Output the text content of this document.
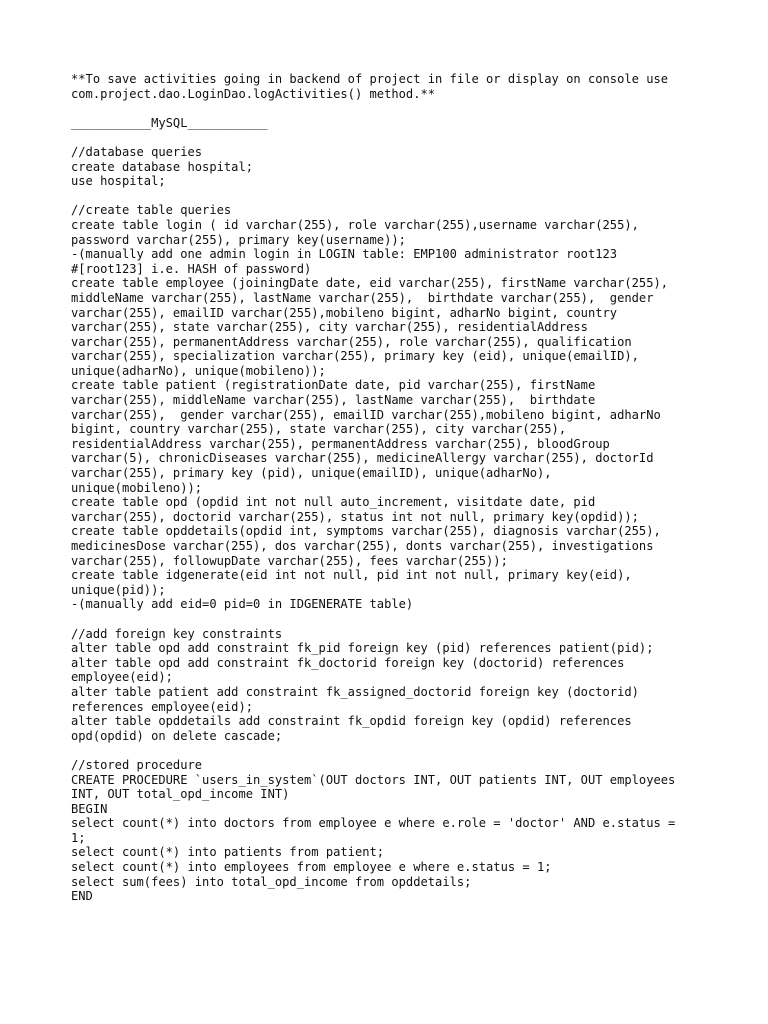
**To save activities going in backend of project in file or display on console use
com.project.dao.LoginDao.logActivities() method.**
___________MySQL___________
//database queries
create database hospital;
use hospital;
//create table queries
create table login ( id varchar(255), role varchar(255),username varchar(255),
password varchar(255), primary key(username));
-(manually add one admin login in LOGIN table: EMP100 administrator root123
#[root123] i.e. HASH of password)
create table employee (joiningDate date, eid varchar(255), firstName varchar(255),
middleName varchar(255), lastName varchar(255),  birthdate varchar(255),  gender
varchar(255), emailID varchar(255),mobileno bigint, adharNo bigint, country
varchar(255), state varchar(255), city varchar(255), residentialAddress
varchar(255), permanentAddress varchar(255), role varchar(255), qualification
varchar(255), specialization varchar(255), primary key (eid), unique(emailID),
unique(adharNo), unique(mobileno));
create table patient (registrationDate date, pid varchar(255), firstName
varchar(255), middleName varchar(255), lastName varchar(255),  birthdate
varchar(255),  gender varchar(255), emailID varchar(255),mobileno bigint, adharNo
bigint, country varchar(255), state varchar(255), city varchar(255),
residentialAddress varchar(255), permanentAddress varchar(255), bloodGroup
varchar(5), chronicDiseases varchar(255), medicineAllergy varchar(255), doctorId
varchar(255), primary key (pid), unique(emailID), unique(adharNo),
unique(mobileno));
create table opd (opdid int not null auto_increment, visitdate date, pid
varchar(255), doctorid varchar(255), status int not null, primary key(opdid));
create table opddetails(opdid int, symptoms varchar(255), diagnosis varchar(255),
medicinesDose varchar(255), dos varchar(255), donts varchar(255), investigations
varchar(255), followupDate varchar(255), fees varchar(255));
create table idgenerate(eid int not null, pid int not null, primary key(eid),
unique(pid));
-(manually add eid=0 pid=0 in IDGENERATE table)
//add foreign key constraints
alter table opd add constraint fk_pid foreign key (pid) references patient(pid);
alter table opd add constraint fk_doctorid foreign key (doctorid) references
employee(eid);
alter table patient add constraint fk_assigned_doctorid foreign key (doctorid)
references employee(eid);
alter table opddetails add constraint fk_opdid foreign key (opdid) references
opd(opdid) on delete cascade;
//stored procedure
CREATE PROCEDURE `users_in_system`(OUT doctors INT, OUT patients INT, OUT employees
INT, OUT total_opd_income INT)
BEGIN
select count(*) into doctors from employee e where e.role = 'doctor' AND e.status =
1;
select count(*) into patients from patient;
select count(*) into employees from employee e where e.status = 1;
select sum(fees) into total_opd_income from opddetails;
END
